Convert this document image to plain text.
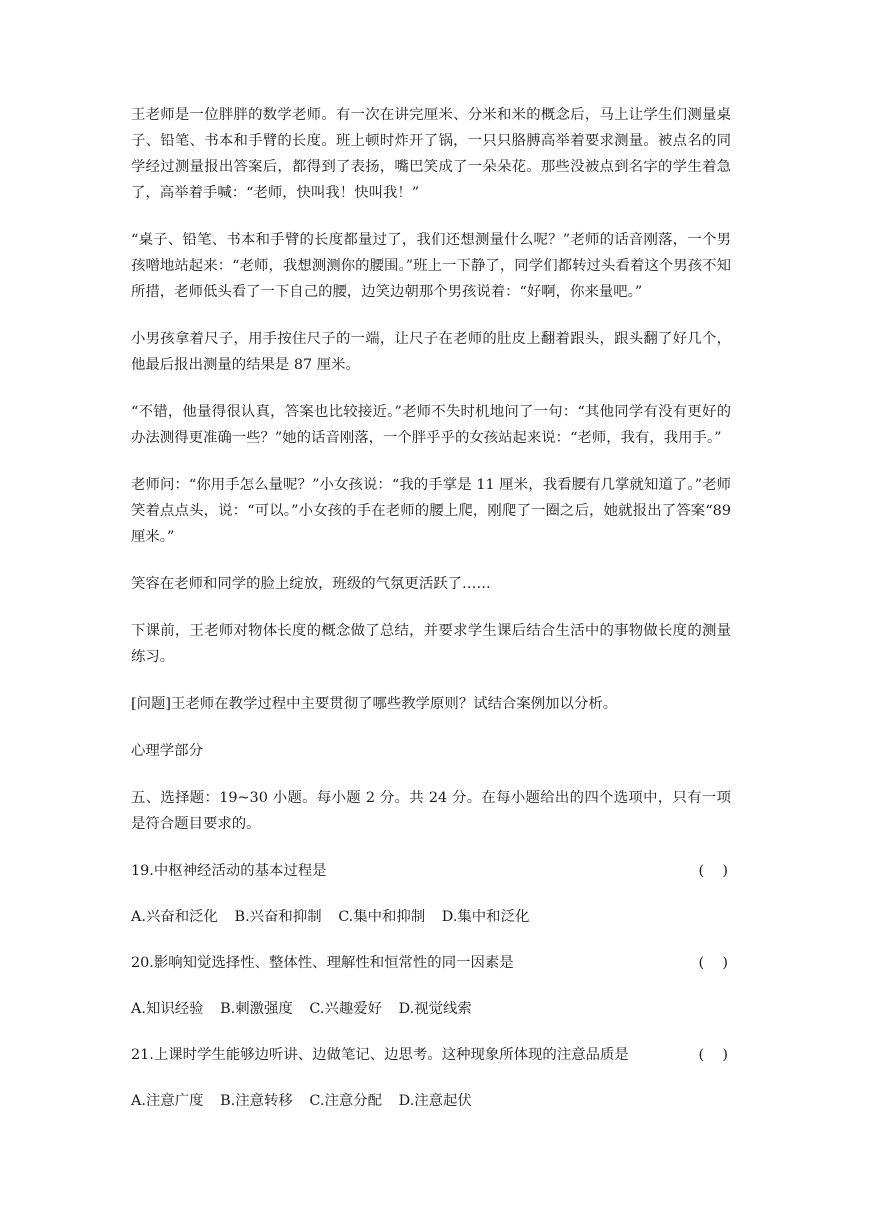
王老师是一位胖胖的数学老师。有一次在讲完厘米、分米和米的概念后，马上让学生们测量桌子、铅笔、书本和手臂的长度。班上顿时炸开了锅，一只只胳膊高举着要求测量。被点名的同学经过测量报出答案后，都得到了表扬，嘴巴笑成了一朵朵花。那些没被点到名字的学生着急了，高举着手喊：“老师，快叫我！快叫我！”

“桌子、铅笔、书本和手臂的长度都量过了，我们还想测量什么呢？”老师的话音刚落，一个男孩噌地站起来：“老师，我想测测你的腰围。”班上一下静了，同学们都转过头看着这个男孩不知所措，老师低头看了一下自己的腰，边笑边朝那个男孩说着：“好啊，你来量吧。”

小男孩拿着尺子，用手按住尺子的一端，让尺子在老师的肚皮上翻着跟头，跟头翻了好几个，他最后报出测量的结果是 87 厘米。

“不错，他量得很认真，答案也比较接近。”老师不失时机地问了一句：“其他同学有没有更好的办法测得更准确一些？”她的话音刚落，一个胖乎乎的女孩站起来说：“老师，我有，我用手。”

老师问：“你用手怎么量呢？”小女孩说：“我的手掌是 11 厘米，我看腰有几掌就知道了。”老师笑着点点头，说：“可以。”小女孩的手在老师的腰上爬，刚爬了一圈之后，她就报出了答案“89 厘米。”

笑容在老师和同学的脸上绽放，班级的气氛更活跃了……

下课前，王老师对物体长度的概念做了总结，并要求学生课后结合生活中的事物做长度的测量练习。

[问题]王老师在教学过程中主要贯彻了哪些教学原则？试结合案例加以分析。

心理学部分

五、选择题：19~30 小题。每小题 2 分。共 24 分。在每小题给出的四个选项中，只有一项是符合题目要求的。

19.中枢神经活动的基本过程是	(    )
A.兴奋和泛化 B.兴奋和抑制 C.集中和抑制 D.集中和泛化
20.影响知觉选择性、整体性、理解性和恒常性的同一因素是	(    )
A.知识经验 B.刺激强度 C.兴趣爱好 D.视觉线索
21.上课时学生能够边听讲、边做笔记、边思考。这种现象所体现的注意品质是	(    )
A.注意广度 B.注意转移 C.注意分配 D.注意起伏
